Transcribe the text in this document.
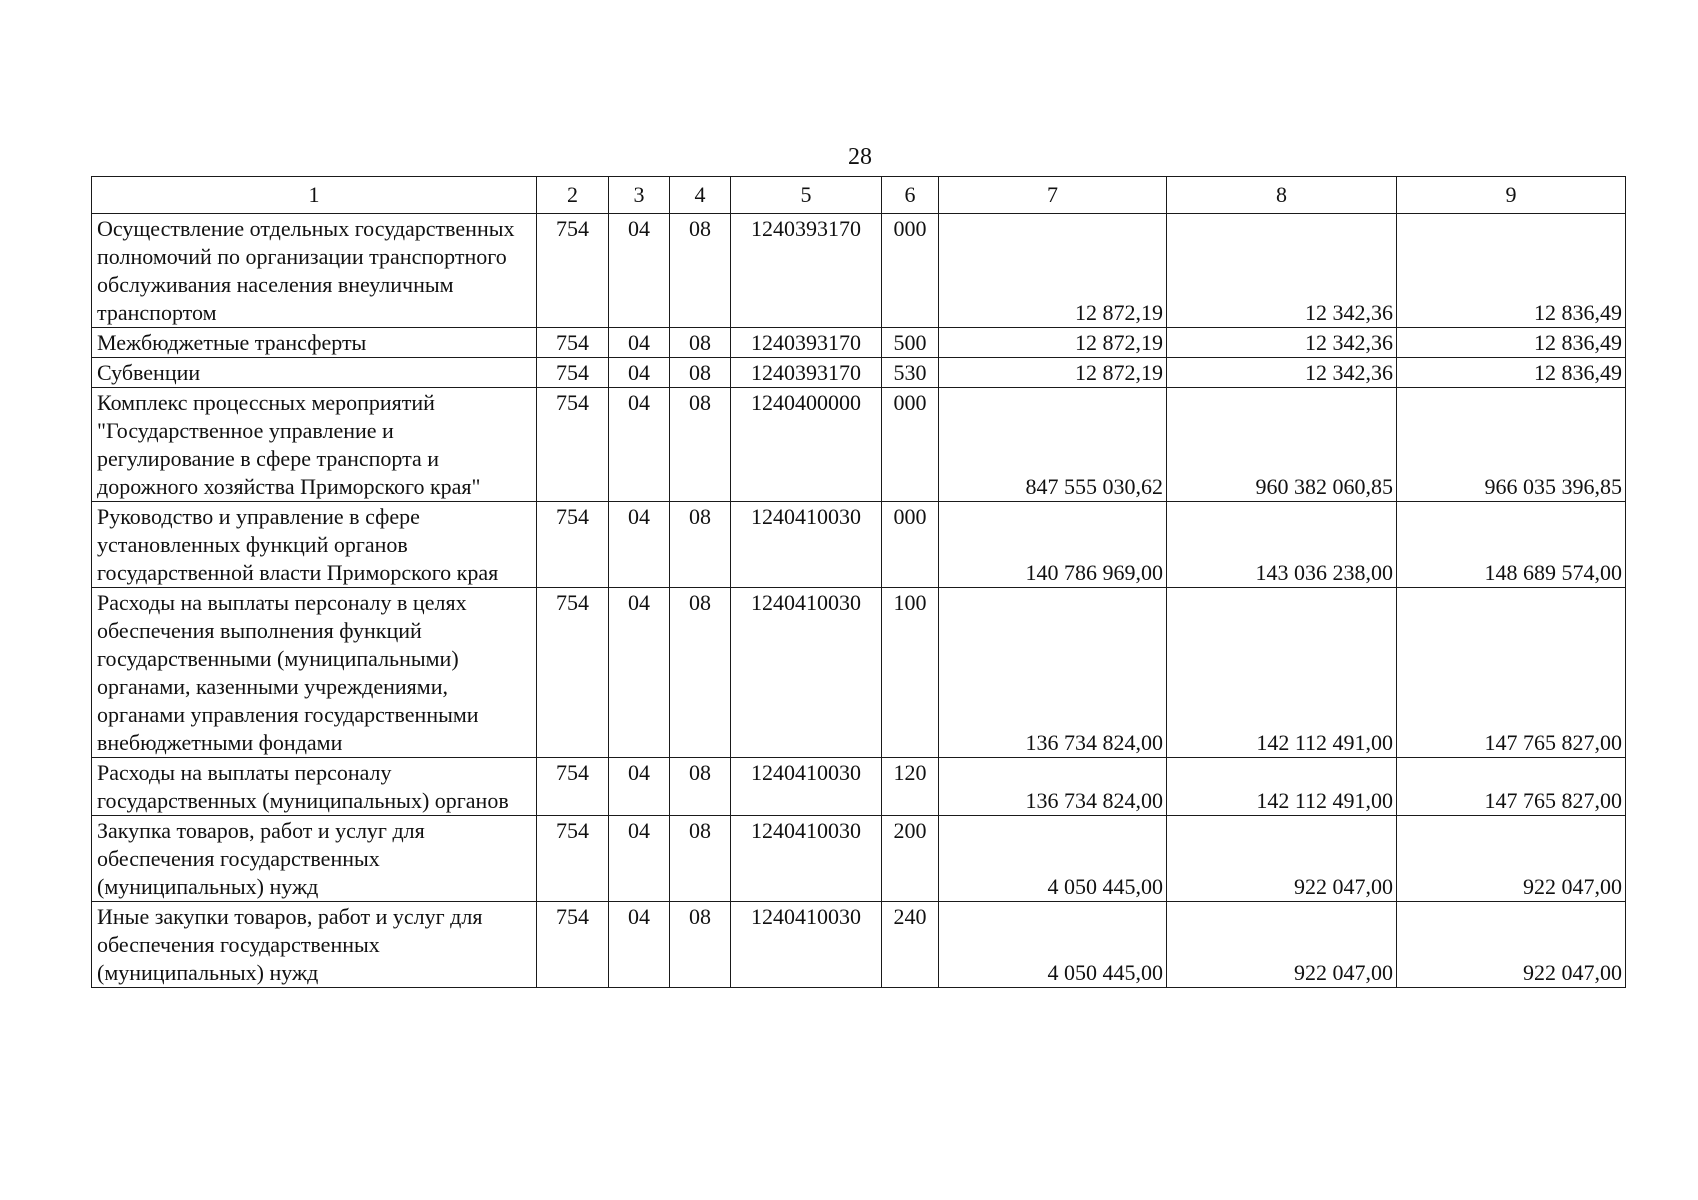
28
1	2	3	4	5	6	7	8	9
Осуществление отдельных государственных полномочий по организации транспортного обслуживания населения внеуличным транспортом	754	04	08	1240393170	000	12 872,19	12 342,36	12 836,49
Межбюджетные трансферты	754	04	08	1240393170	500	12 872,19	12 342,36	12 836,49
Субвенции	754	04	08	1240393170	530	12 872,19	12 342,36	12 836,49
Комплекс процессных мероприятий "Государственное управление и регулирование в сфере транспорта и дорожного хозяйства Приморского края"	754	04	08	1240400000	000	847 555 030,62	960 382 060,85	966 035 396,85
Руководство и управление в сфере установленных функций органов государственной власти Приморского края	754	04	08	1240410030	000	140 786 969,00	143 036 238,00	148 689 574,00
Расходы на выплаты персоналу в целях обеспечения выполнения функций государственными (муниципальными) органами, казенными учреждениями, органами управления государственными внебюджетными фондами	754	04	08	1240410030	100	136 734 824,00	142 112 491,00	147 765 827,00
Расходы на выплаты персоналу государственных (муниципальных) органов	754	04	08	1240410030	120	136 734 824,00	142 112 491,00	147 765 827,00
Закупка товаров, работ и услуг для обеспечения государственных (муниципальных) нужд	754	04	08	1240410030	200	4 050 445,00	922 047,00	922 047,00
Иные закупки товаров, работ и услуг для обеспечения государственных (муниципальных) нужд	754	04	08	1240410030	240	4 050 445,00	922 047,00	922 047,00
